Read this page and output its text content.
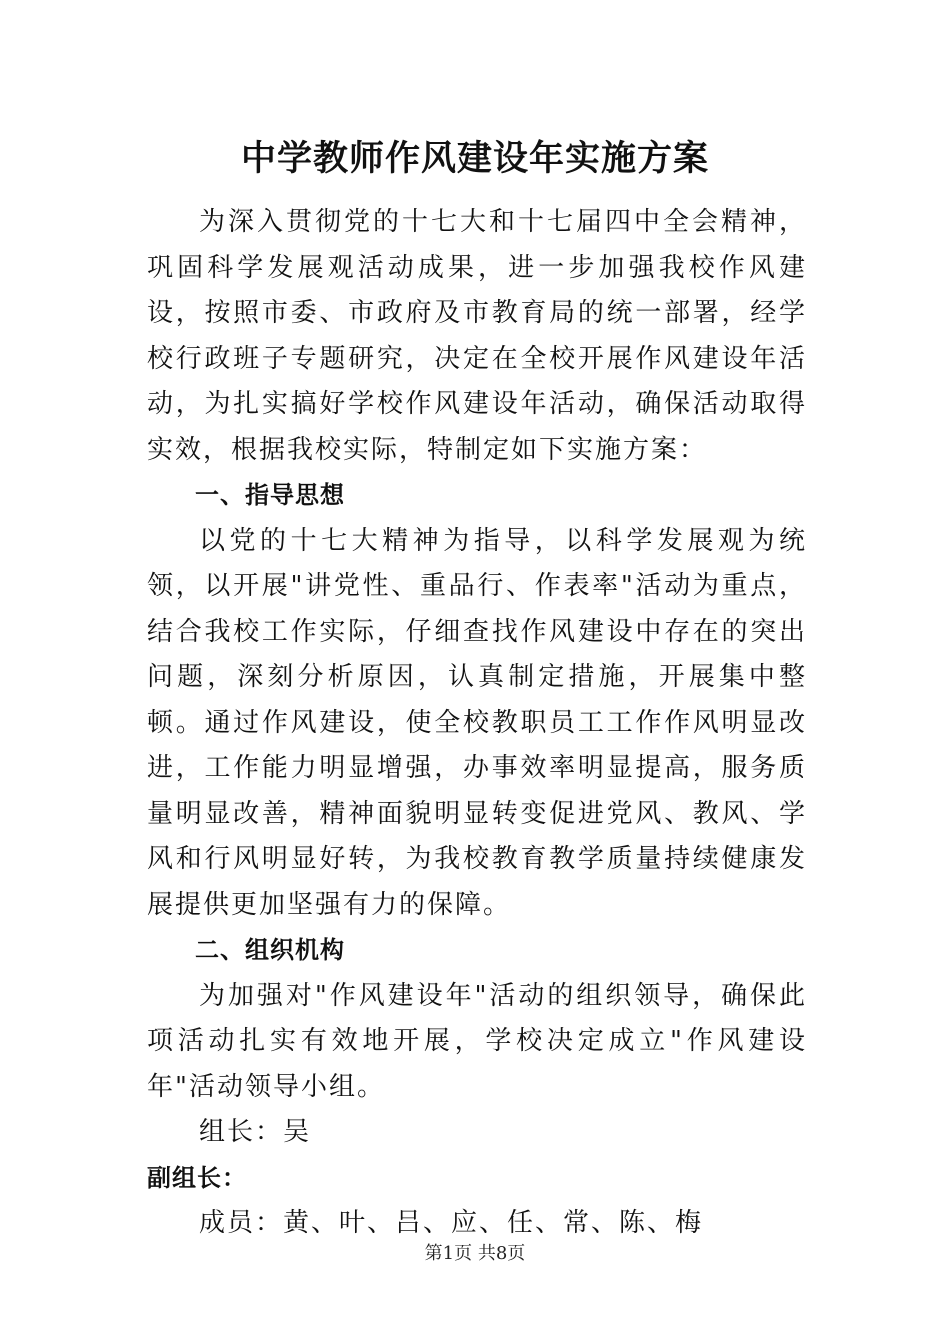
中学教师作风建设年实施方案

为深入贯彻党的十七大和十七届四中全会精神，巩固科学发展观活动成果，进一步加强我校作风建设，按照市委、市政府及市教育局的统一部署，经学校行政班子专题研究，决定在全校开展作风建设年活动，为扎实搞好学校作风建设年活动，确保活动取得实效，根据我校实际，特制定如下实施方案：

一、指导思想

以党的十七大精神为指导，以科学发展观为统领，以开展"讲党性、重品行、作表率"活动为重点，结合我校工作实际，仔细查找作风建设中存在的突出问题，深刻分析原因，认真制定措施，开展集中整顿。通过作风建设，使全校教职员工工作作风明显改进，工作能力明显增强，办事效率明显提高，服务质量明显改善，精神面貌明显转变促进党风、教风、学风和行风明显好转，为我校教育教学质量持续健康发展提供更加坚强有力的保障。

二、组织机构

为加强对"作风建设年"活动的组织领导，确保此项活动扎实有效地开展，学校决定成立"作风建设年"活动领导小组。

组长：吴

副组长：

成员：黄、叶、吕、应、任、常、陈、梅

第1页 共8页
